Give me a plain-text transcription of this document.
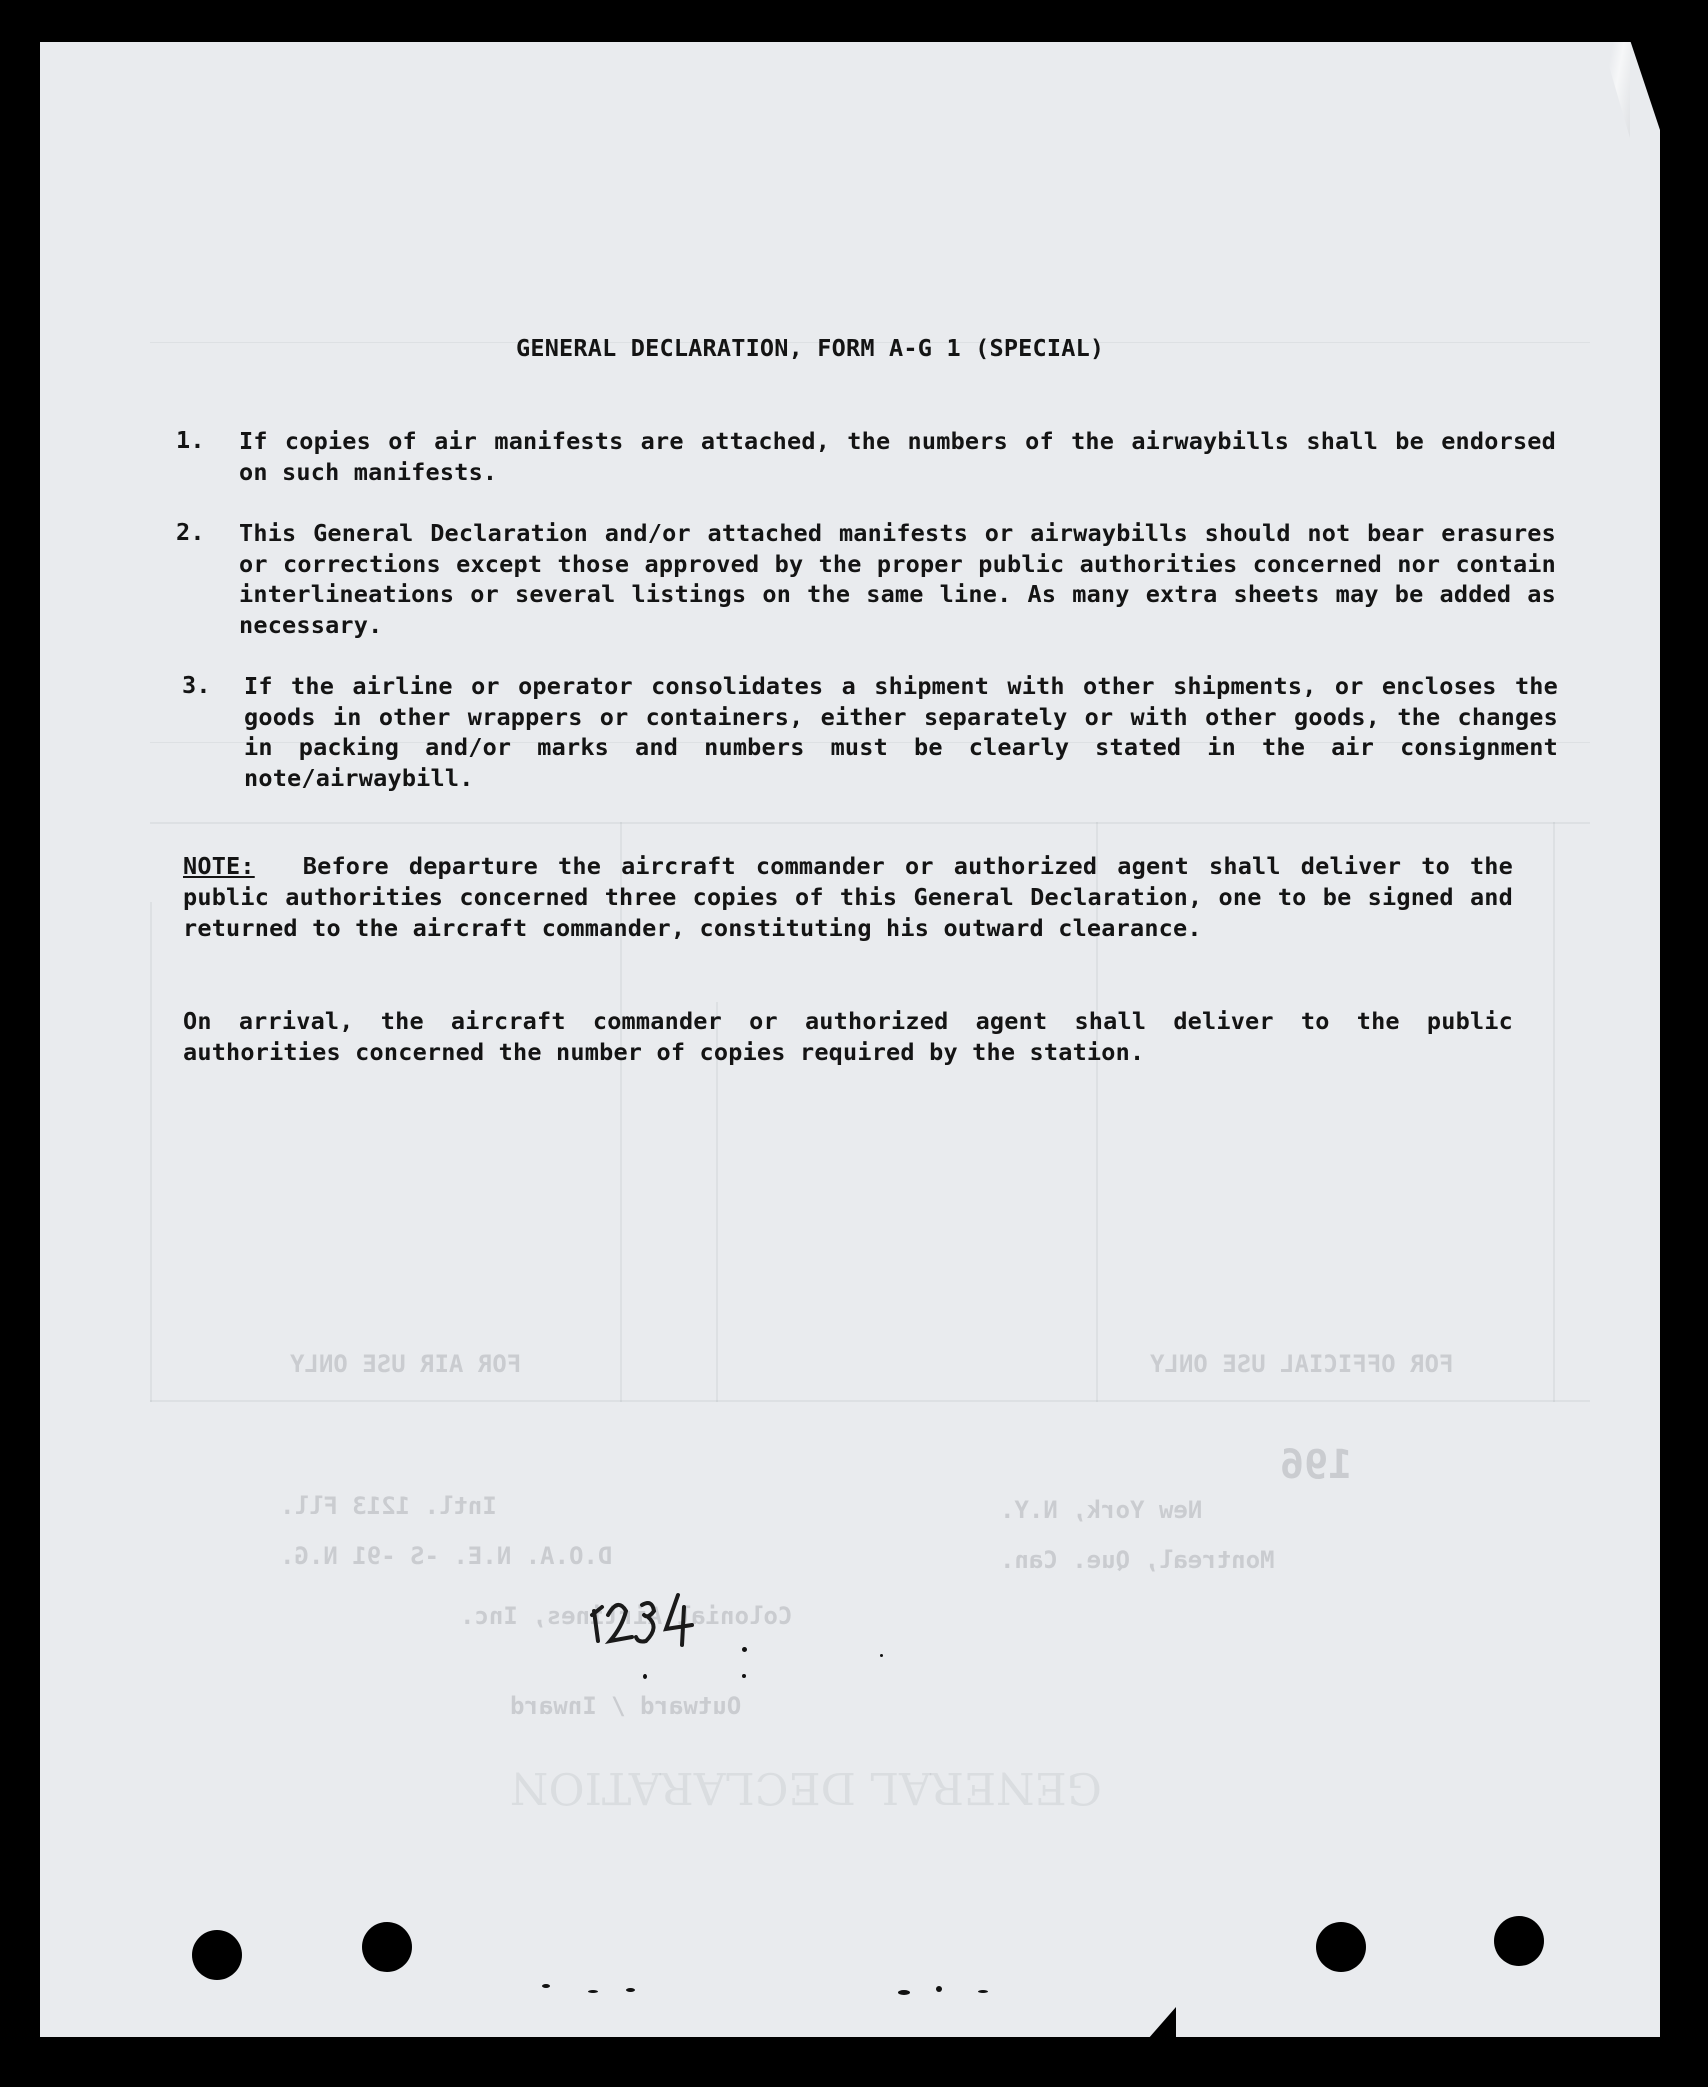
FOR AIR USE ONLY	FOR OFFICIAL USE ONLY
Intl. 1213 Fll.
D.O.A. N.E. -S -91 N.G.
Colonial Airlines, Inc.
Montreal, Que. Can.
New York, N.Y.
196
GENERAL DECLARATION
Outward / Inward
GENERAL DECLARATION, FORM A-G 1 (SPECIAL)
1.	If copies of air manifests are attached, the numbers of the airwaybills shall be endorsed on such manifests.
2.	This General Declaration and/or attached manifests or airwaybills should not bear erasures or corrections except those approved by the proper public authorities concerned nor contain interlineations or several listings on the same line. As many extra sheets may be added as necessary.
3.	If the airline or operator consolidates a shipment with other shipments, or encloses the goods in other wrappers or containers, either separately or with other goods, the changes in packing and/or marks and numbers must be clearly stated in the air consignment note/airwaybill.
NOTE: Before departure the aircraft commander or authorized agent shall deliver to the public authorities concerned three copies of this General Declaration, one to be signed and returned to the aircraft commander, constituting his outward clearance.
On arrival, the aircraft commander or authorized agent shall deliver to the public authorities concerned the number of copies required by the station.
